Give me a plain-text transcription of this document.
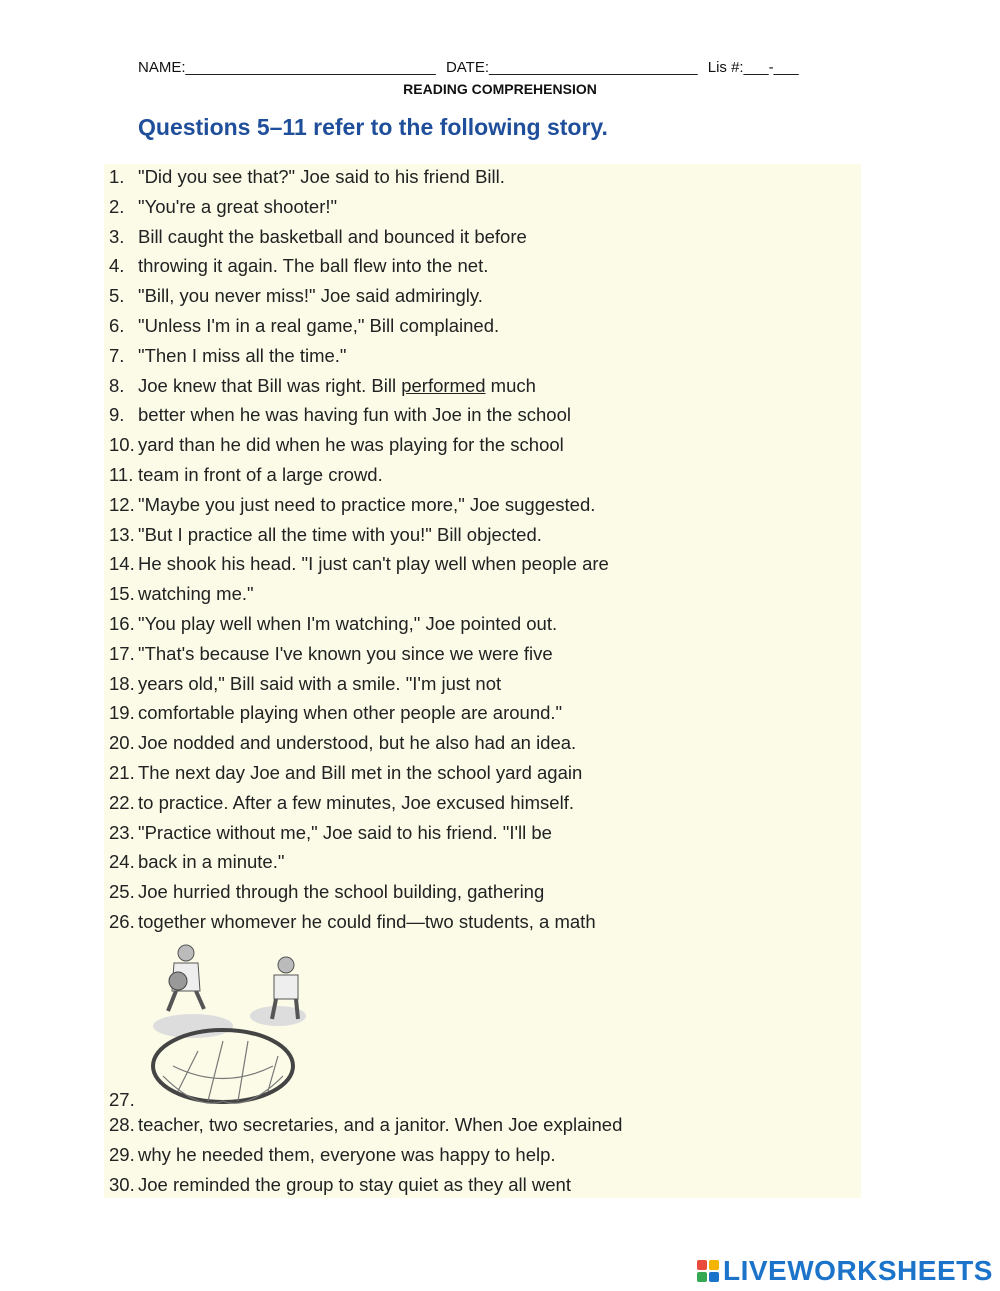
NAME:______________________________ DATE:_________________________ Lis #:___-___
READING COMPREHENSION
Questions 5–11 refer to the following story.
1. "Did you see that?" Joe said to his friend Bill.
2. "You're a great shooter!"
3. Bill caught the basketball and bounced it before
4. throwing it again. The ball flew into the net.
5. "Bill, you never miss!" Joe said admiringly.
6. "Unless I'm in a real game," Bill complained.
7. "Then I miss all the time."
8. Joe knew that Bill was right. Bill performed much
9. better when he was having fun with Joe in the school
10. yard than he did when he was playing for the school
11. team in front of a large crowd.
12. "Maybe you just need to practice more," Joe suggested.
13. "But I practice all the time with you!" Bill objected.
14. He shook his head. "I just can't play well when people are
15. watching me."
16. "You play well when I'm watching," Joe pointed out.
17. "That's because I've known you since we were five
18. years old," Bill said with a smile. "I'm just not
19. comfortable playing when other people are around."
20. Joe nodded and understood, but he also had an idea.
21. The next day Joe and Bill met in the school yard again
22. to practice. After a few minutes, Joe excused himself.
23. "Practice without me," Joe said to his friend. "I'll be
24. back in a minute."
25. Joe hurried through the school building, gathering
26. together whomever he could find—two students, a math
27.
28. teacher, two secretaries, and a janitor. When Joe explained
29. why he needed them, everyone was happy to help.
30. Joe reminded the group to stay quiet as they all went
LIVEWORKSHEETS
